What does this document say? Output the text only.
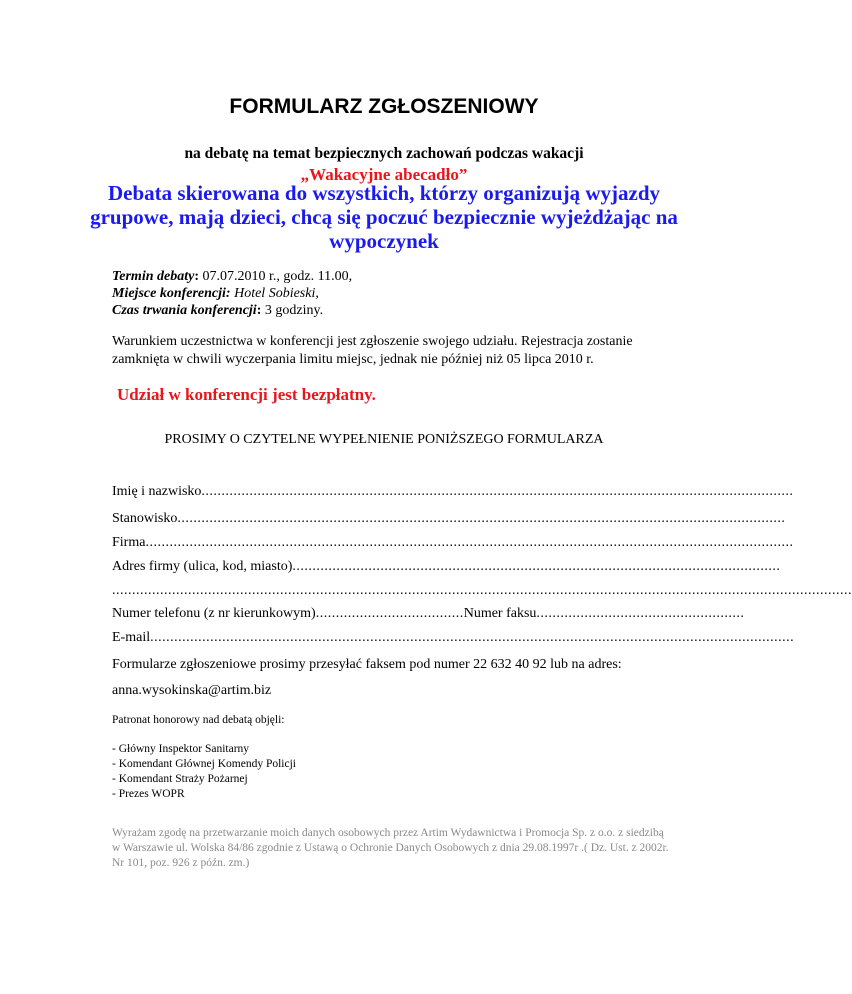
FORMULARZ ZGŁOSZENIOWY
na debatę na temat bezpiecznych zachowań podczas wakacji
„Wakacyjne abecadło”
Debata skierowana do wszystkich, którzy organizują wyjazdy grupowe, mają dzieci, chcą się poczuć bezpiecznie wyjeżdżając na wypoczynek
Termin debaty: 07.07.2010 r., godz. 11.00,
Miejsce konferencji: Hotel Sobieski,
Czas trwania konferencji: 3 godziny.
Warunkiem uczestnictwa w konferencji jest zgłoszenie swojego udziału. Rejestracja zostanie zamknięta w chwili wyczerpania limitu miejsc, jednak nie później niż 05 lipca 2010 r.
Udział w konferencji jest bezpłatny.
PROSIMY O CZYTELNE WYPEŁNIENIE PONIŻSZEGO FORMULARZA
Imię i nazwisko....................................................................................................................................................
Stanowisko........................................................................................................................................................
Firma..................................................................................................................................................................
Adres firmy (ulica, kod, miasto)..........................................................................................................................
.........................................................................................................................................................................................
Numer telefonu (z nr kierunkowym).....................................Numer faksu....................................................
E-mail.................................................................................................................................................................
Formularze zgłoszeniowe prosimy przesyłać faksem pod numer 22 632 40 92 lub na adres:
anna.wysokinska@artim.biz
Patronat honorowy nad debatą objęli:
- Główny Inspektor Sanitarny
- Komendant Głównej Komendy Policji
- Komendant Straży Pożarnej
- Prezes WOPR
Wyrażam zgodę na przetwarzanie moich danych osobowych przez Artim Wydawnictwa i Promocja Sp. z o.o. z siedzibą w Warszawie ul. Wolska 84/86 zgodnie z Ustawą o Ochronie Danych Osobowych z dnia 29.08.1997r .( Dz. Ust. z 2002r. Nr 101, poz. 926 z późn. zm.)
